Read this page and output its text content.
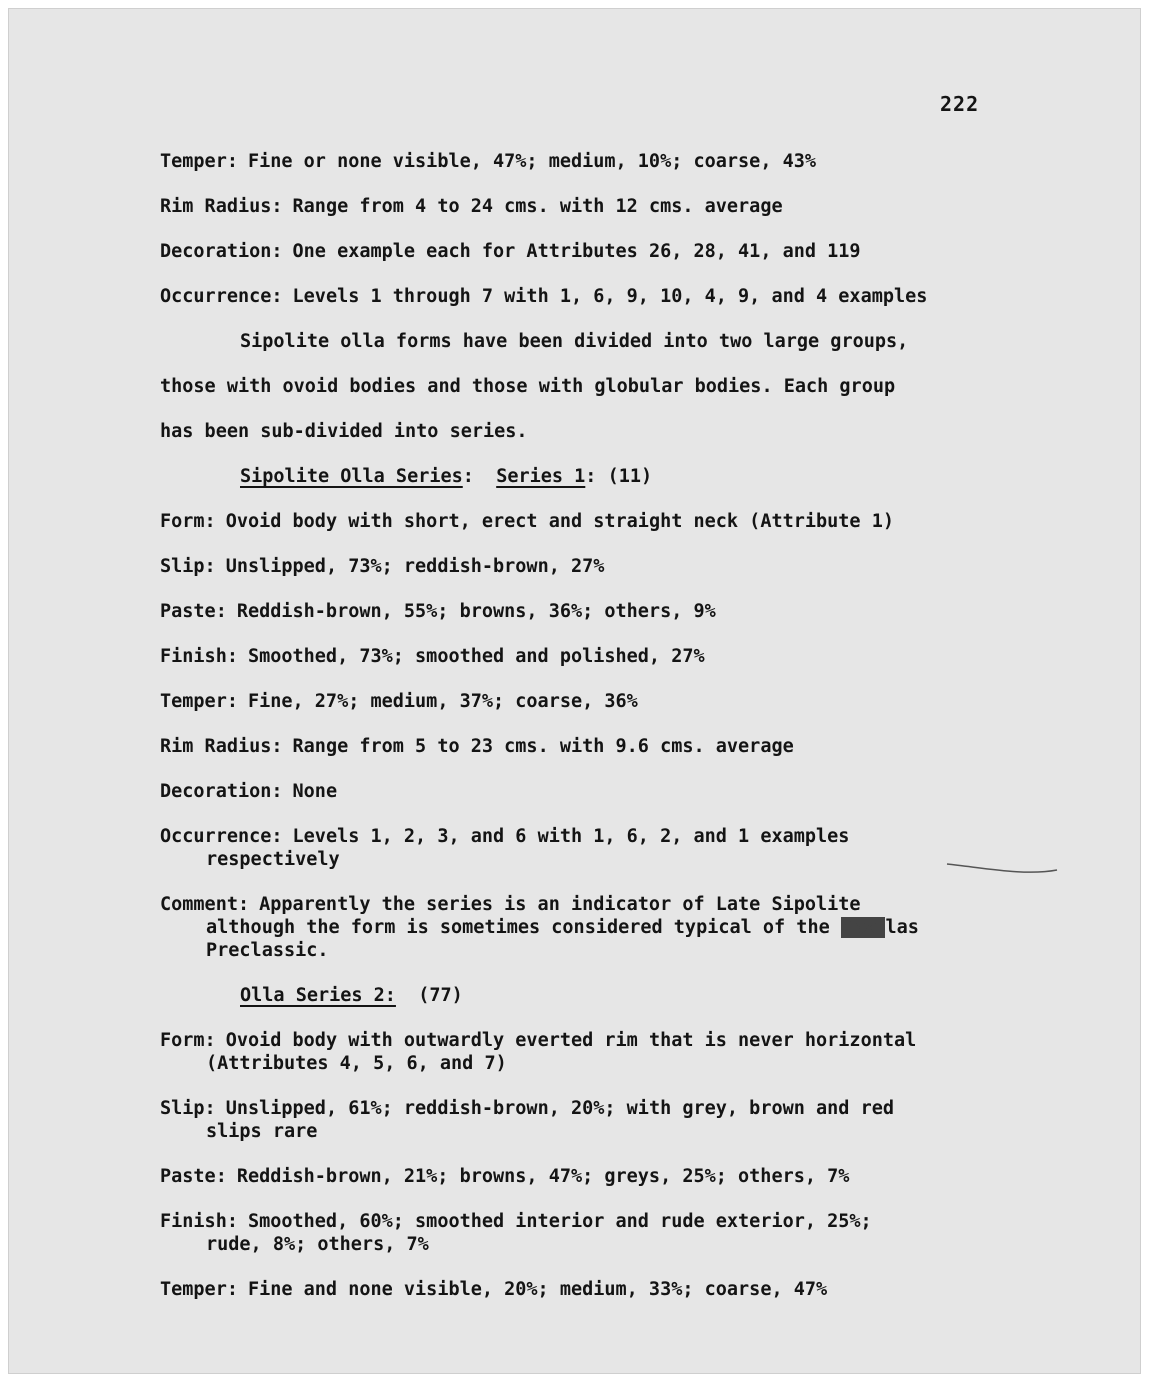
222

Temper: Fine or none visible, 47%; medium, 10%; coarse, 43%

Rim Radius: Range from 4 to 24 cms. with 12 cms. average

Decoration: One example each for Attributes 26, 28, 41, and 119

Occurrence: Levels 1 through 7 with 1, 6, 9, 10, 4, 9, and 4 examples

Sipolite olla forms have been divided into two large groups,

those with ovoid bodies and those with globular bodies. Each group

has been sub-divided into series.

Sipolite Olla Series: Series 1: (11)

Form: Ovoid body with short, erect and straight neck (Attribute 1)

Slip: Unslipped, 73%; reddish-brown, 27%

Paste: Reddish-brown, 55%; browns, 36%; others, 9%

Finish: Smoothed, 73%; smoothed and polished, 27%

Temper: Fine, 27%; medium, 37%; coarse, 36%

Rim Radius: Range from 5 to 23 cms. with 9.6 cms. average

Decoration: None

Occurrence: Levels 1, 2, 3, and 6 with 1, 6, 2, and 1 examples

respectively

Comment: Apparently the series is an indicator of Late Sipolite

although the form is sometimes considered typical of the Exxxlas

Preclassic.

Olla Series 2: (77)

Form: Ovoid body with outwardly everted rim that is never horizontal

(Attributes 4, 5, 6, and 7)

Slip: Unslipped, 61%; reddish-brown, 20%; with grey, brown and red

slips rare

Paste: Reddish-brown, 21%; browns, 47%; greys, 25%; others, 7%

Finish: Smoothed, 60%; smoothed interior and rude exterior, 25%;

rude, 8%; others, 7%

Temper: Fine and none visible, 20%; medium, 33%; coarse, 47%
